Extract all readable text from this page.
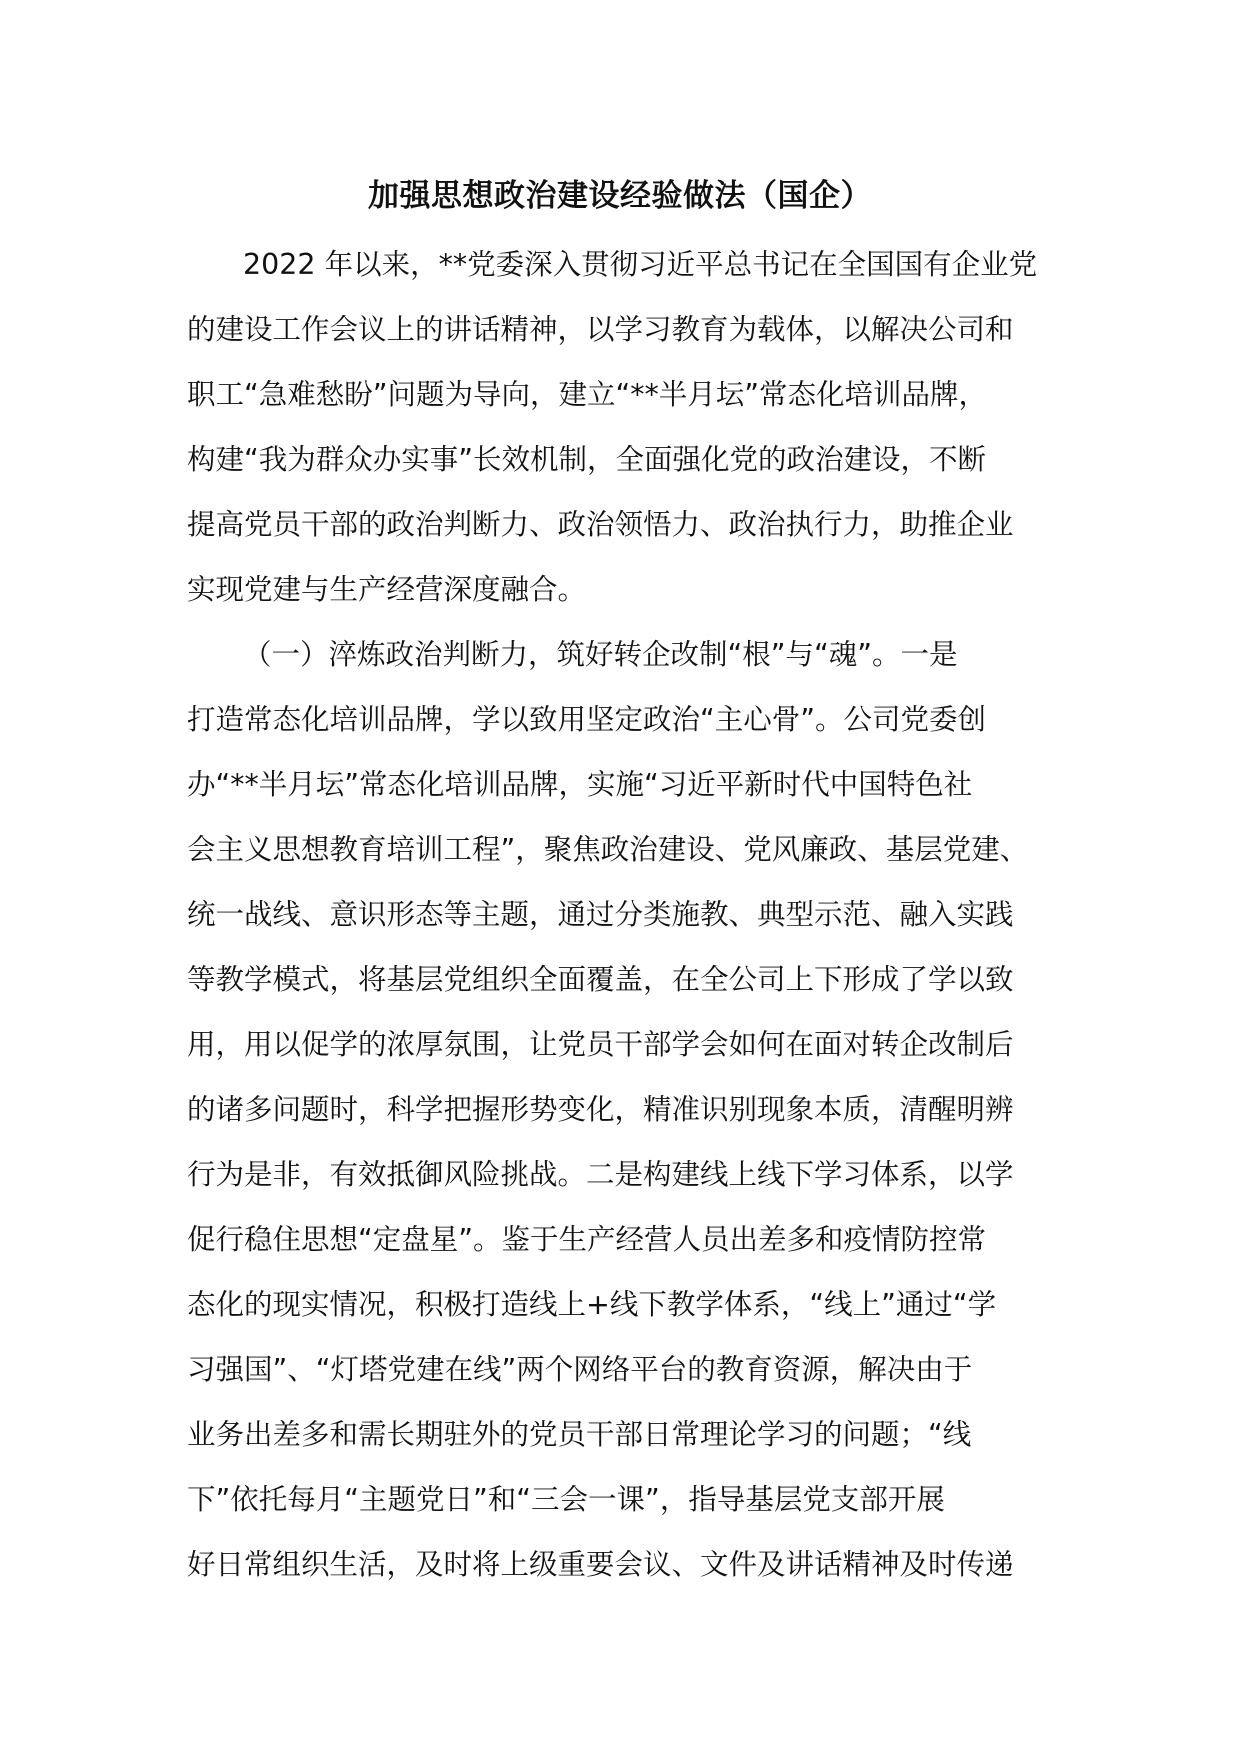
加强思想政治建设经验做法（国企）
2022 年以来，**党委深入贯彻习近平总书记在全国国有企业党
的建设工作会议上的讲话精神，以学习教育为载体，以解决公司和
职工“急难愁盼”问题为导向，建立“**半月坛”常态化培训品牌，
构建“我为群众办实事”长效机制，全面强化党的政治建设，不断
提高党员干部的政治判断力、政治领悟力、政治执行力，助推企业
实现党建与生产经营深度融合。
（一）淬炼政治判断力，筑好转企改制“根”与“魂”。一是
打造常态化培训品牌，学以致用坚定政治“主心骨”。公司党委创
办“**半月坛”常态化培训品牌，实施“习近平新时代中国特色社
会主义思想教育培训工程”，聚焦政治建设、党风廉政、基层党建、
统一战线、意识形态等主题，通过分类施教、典型示范、融入实践
等教学模式，将基层党组织全面覆盖，在全公司上下形成了学以致
用，用以促学的浓厚氛围，让党员干部学会如何在面对转企改制后
的诸多问题时，科学把握形势变化，精准识别现象本质，清醒明辨
行为是非，有效抵御风险挑战。二是构建线上线下学习体系，以学
促行稳住思想“定盘星”。鉴于生产经营人员出差多和疫情防控常
态化的现实情况，积极打造线上+线下教学体系，“线上”通过“学
习强国”、“灯塔党建在线”两个网络平台的教育资源，解决由于
业务出差多和需长期驻外的党员干部日常理论学习的问题；“线
下”依托每月“主题党日”和“三会一课”，指导基层党支部开展
好日常组织生活，及时将上级重要会议、文件及讲话精神及时传递
